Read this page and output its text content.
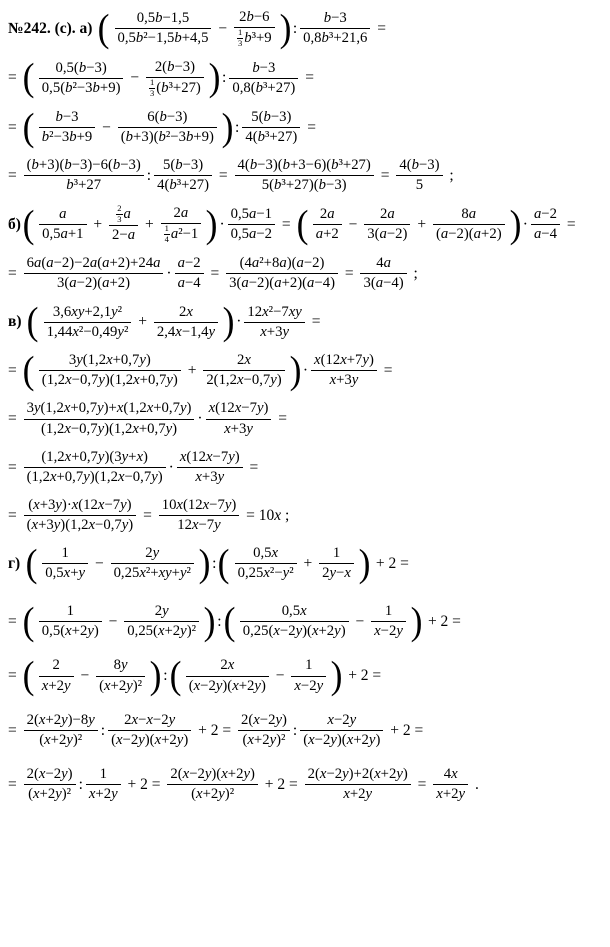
№242. (с). а) ( $\frac{0,5b-1,5}{\text{0,5b²−1,5b+4,5}} - 2b-6$
1
3 b³+9 ) : $\frac{b-3}{\text{0,8b³+21,6}}$ =
= ( $\frac{0,5(b-3)}{\text{0,5(b²−3b+9)}} - 2(b-3)$
1
3 (b³+27) ) : $\frac{b-3}{\text{0,8(b³+27)}}$ =
= ( $\frac{b-3}{\text{b²−3b+9}} - \frac{6(b-3)}{\text{(b+3)(b²−3b+9)}}$ ) : $\frac{5(b-3)}{\text{4(b³+27)}}$ =
= $\frac{(b+3)(b-3)-6(b-3)}{\text{b³+27}}$ : $\frac{5(b-3)}{\text{4(b³+27)}} = \frac{\text{4(b−3)(b+3−6)(b³+27)}}{\text{5(b³+27)(b−3)}} = \frac{4(b-3)}{5}$ ;
б) ( $\frac{a}{0,5a+1} + 2$
3 a
2−a + 2a
1
4 a²−1 ) · $\frac{0,5a-1}{0,5a-2}$ = ( $\frac{2a}{a+2} - \frac{2a}{3(a-2)} + \frac{8a}{(a-2)(a+2)}$ ) · $\frac{a-2}{a-4}$ =
= $\frac{6a(a-2)-2a(a+2)+24a}{3(a-2)(a+2)} \cdot \frac{a-2}{a-4} = \frac{\text{(4a²+8a)(a−2)}}{3(a-2)(a+2)(a-4)} = \frac{4a}{3(a-4)}$ ;
в) ( $\frac{\text{3,6xy+2,1y²}}{\text{1,44x²−0,49y²}} + \frac{2x}{2,4x-1,4y}$ ) · $\frac{\text{12x²−7xy}}{x+3y}$ =
= ( $\frac{3y(1,2x+0,7y)}{(1,2x-0,7y)(1,2x+0,7y)} + \frac{2x}{2(1,2x-0,7y)}$ ) · $\frac{x(12x+7y)}{x+3y}$ =
= $\frac{3y(1,2x+0,7y)+x(1,2x+0,7y)}{(1,2x-0,7y)(1,2x+0,7y)} \cdot \frac{x(12x-7y)}{x+3y}$ =
= $\frac{(1,2x+0,7y)(3y+x)}{(1,2x+0,7y)(1,2x-0,7y)} \cdot \frac{x(12x-7y)}{x+3y}$ =
= $\frac{(x+3y)\cdot x(12x-7y)}{(x+3y)(1,2x-0,7y)} = \frac{10x(12x-7y)}{12x-7y} = 10x$ ;
г) ( $\frac{1}{0,5x+y} - \frac{2y}{\text{0,25x²+xy+y²}}$ ) : ( $\frac{0,5x}{\text{0,25x²−y²}} + \frac{1}{2y-x}$ ) + 2 =
= ( $\frac{1}{0,5(x+2y)} - \frac{2y}{\text{0,25(x+2y)²}}$ ) : ( $\frac{0,5x}{0,25(x-2y)(x+2y)} - \frac{1}{x-2y}$ ) + 2 =
= ( $\frac{2}{x+2y} - \frac{8y}{\text{(x+2y)²}}$ ) : ( $\frac{2x}{(x-2y)(x+2y)} - \frac{1}{x-2y}$ ) + 2 =
= $\frac{2(x+2y)-8y}{\text{(x+2y)²}}$ : $\frac{2x-x-2y}{(x-2y)(x+2y)} + 2 = \frac{2(x-2y)}{\text{(x+2y)²}}$ : $\frac{x-2y}{(x-2y)(x+2y)} + 2$ =
= $\frac{2(x-2y)}{\text{(x+2y)²}}$ : $\frac{1}{x+2y} + 2 = \frac{2(x-2y)(x+2y)}{\text{(x+2y)²}} + 2 = \frac{2(x-2y)+2(x+2y)}{x+2y} = \frac{4x}{x+2y}$ .
